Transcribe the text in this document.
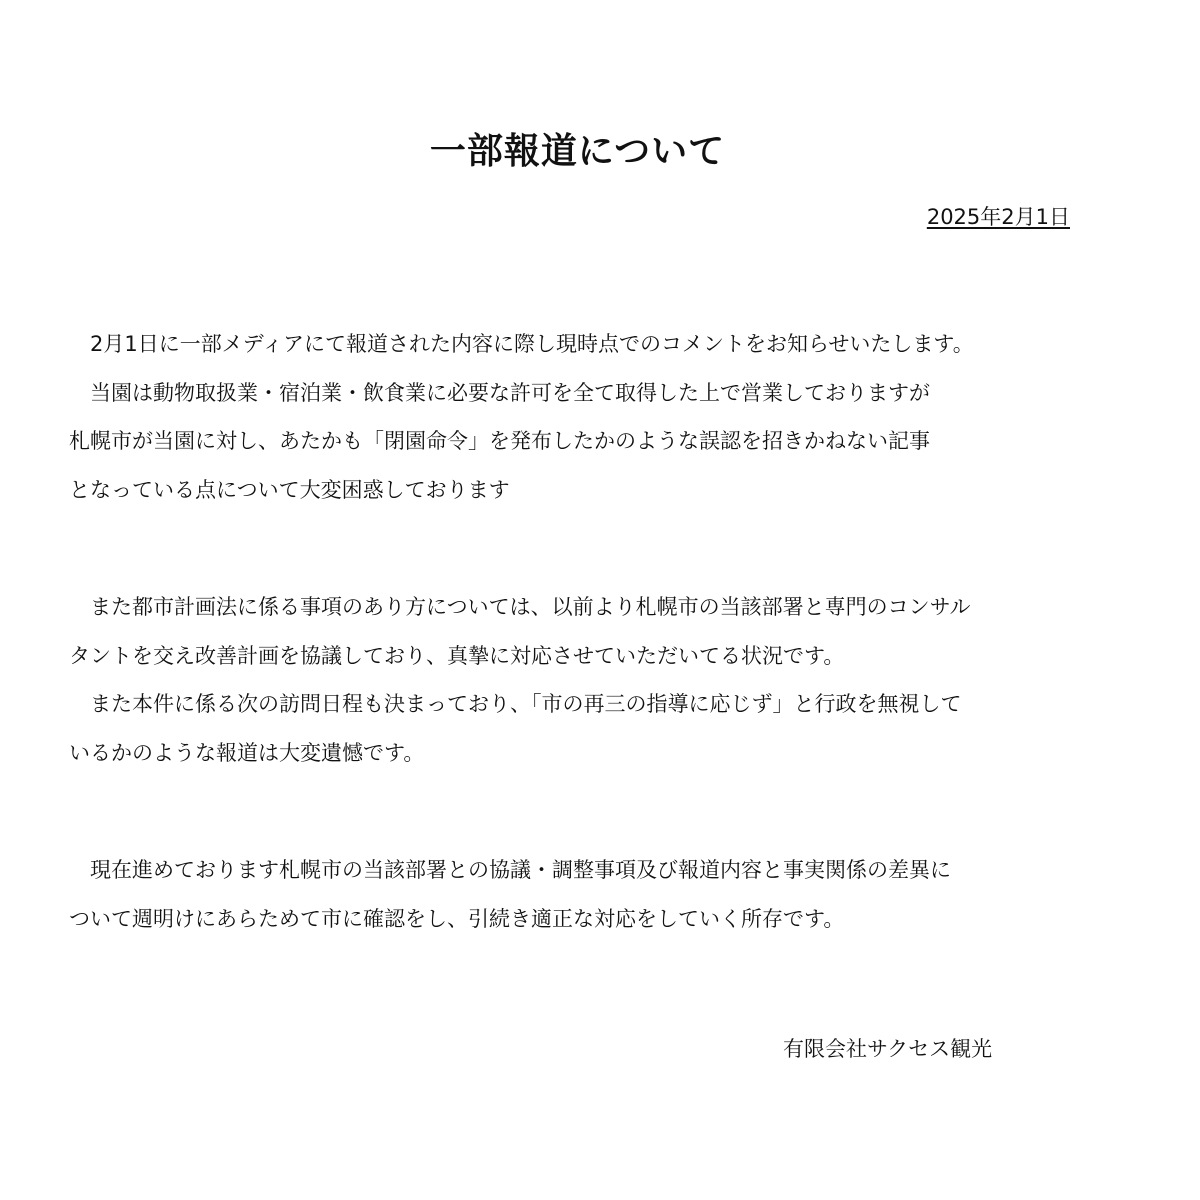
一部報道について
2025年2月1日
2月1日に一部メディアにて報道された内容に際し現時点でのコメントをお知らせいたします。
当園は動物取扱業・宿泊業・飲食業に必要な許可を全て取得した上で営業しておりますが
札幌市が当園に対し、あたかも「閉園命令」を発布したかのような誤認を招きかねない記事
となっている点について大変困惑しております
また都市計画法に係る事項のあり方については、以前より札幌市の当該部署と専門のコンサル
タントを交え改善計画を協議しており、真摯に対応させていただいてる状況です。
また本件に係る次の訪問日程も決まっており、「市の再三の指導に応じず」と行政を無視して
いるかのような報道は大変遺憾です。
現在進めております札幌市の当該部署との協議・調整事項及び報道内容と事実関係の差異に
ついて週明けにあらためて市に確認をし、引続き適正な対応をしていく所存です。
有限会社サクセス観光
